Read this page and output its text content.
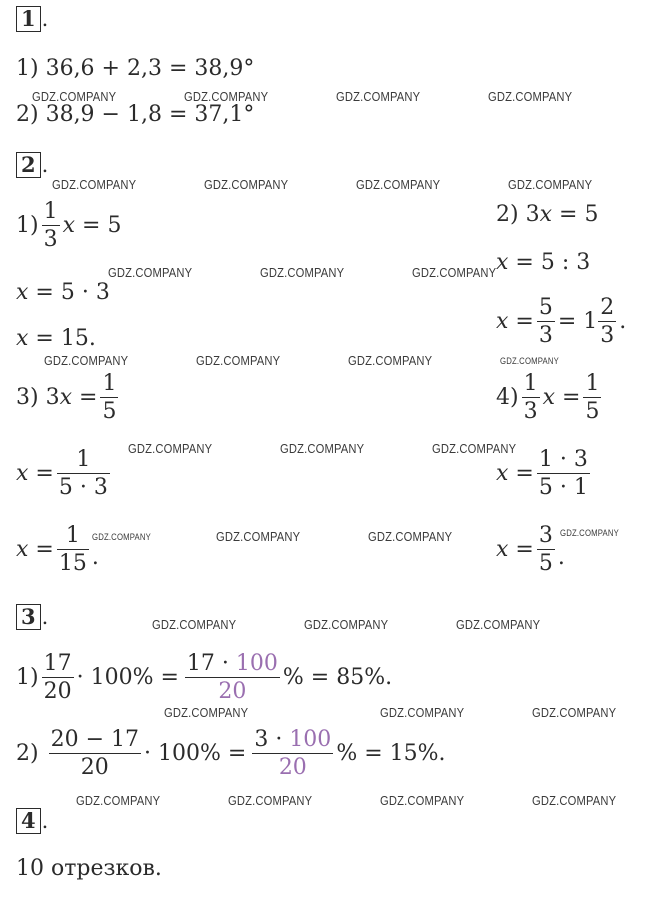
1 .
1) 36,6 + 2,3 = 38,9°
2) 38,9 − 1,8 = 37,1°
2 .
$1) \frac{1}{3}$ x
= 5
x = 5 · 3
x = 15.
2) 3x = 5
x = 5 : 3
x
= $\frac{5}{3} = 1 \frac{2}{3}$ .
3)
3 x
= $\frac{1}{5}$
x
= $\frac{1}{5 \cdot 3}$
x
= $\frac{1}{15}$ .
$4) \frac{1}{3}$ x
= $\frac{1}{5}$
x
= $\frac{1 \cdot 3}{5 \cdot 1}$
x
= $\frac{3}{5}$ .
3 .
$1) \frac{17}{20} \cdot 100\% = \frac{17 \cdot 100}{20}$ % = 85%.
$2) \frac{20 - 17}{20} \cdot 100\% = \frac{3 \cdot 100}{20}$ % = 15%.
4 .
10 отрезков.
GDZ.COMPANY	GDZ.COMPANY	GDZ.COMPANY	GDZ.COMPANY
GDZ.COMPANY	GDZ.COMPANY	GDZ.COMPANY	GDZ.COMPANY
GDZ.COMPANY	GDZ.COMPANY	GDZ.COMPANY
GDZ.COMPANY	GDZ.COMPANY	GDZ.COMPANY	GDZ.COMPANY
GDZ.COMPANY	GDZ.COMPANY	GDZ.COMPANY
GDZ.COMPANY	GDZ.COMPANY	GDZ.COMPANY	GDZ.COMPANY
GDZ.COMPANY	GDZ.COMPANY	GDZ.COMPANY
GDZ.COMPANY	GDZ.COMPANY	GDZ.COMPANY
GDZ.COMPANY	GDZ.COMPANY	GDZ.COMPANY	GDZ.COMPANY
